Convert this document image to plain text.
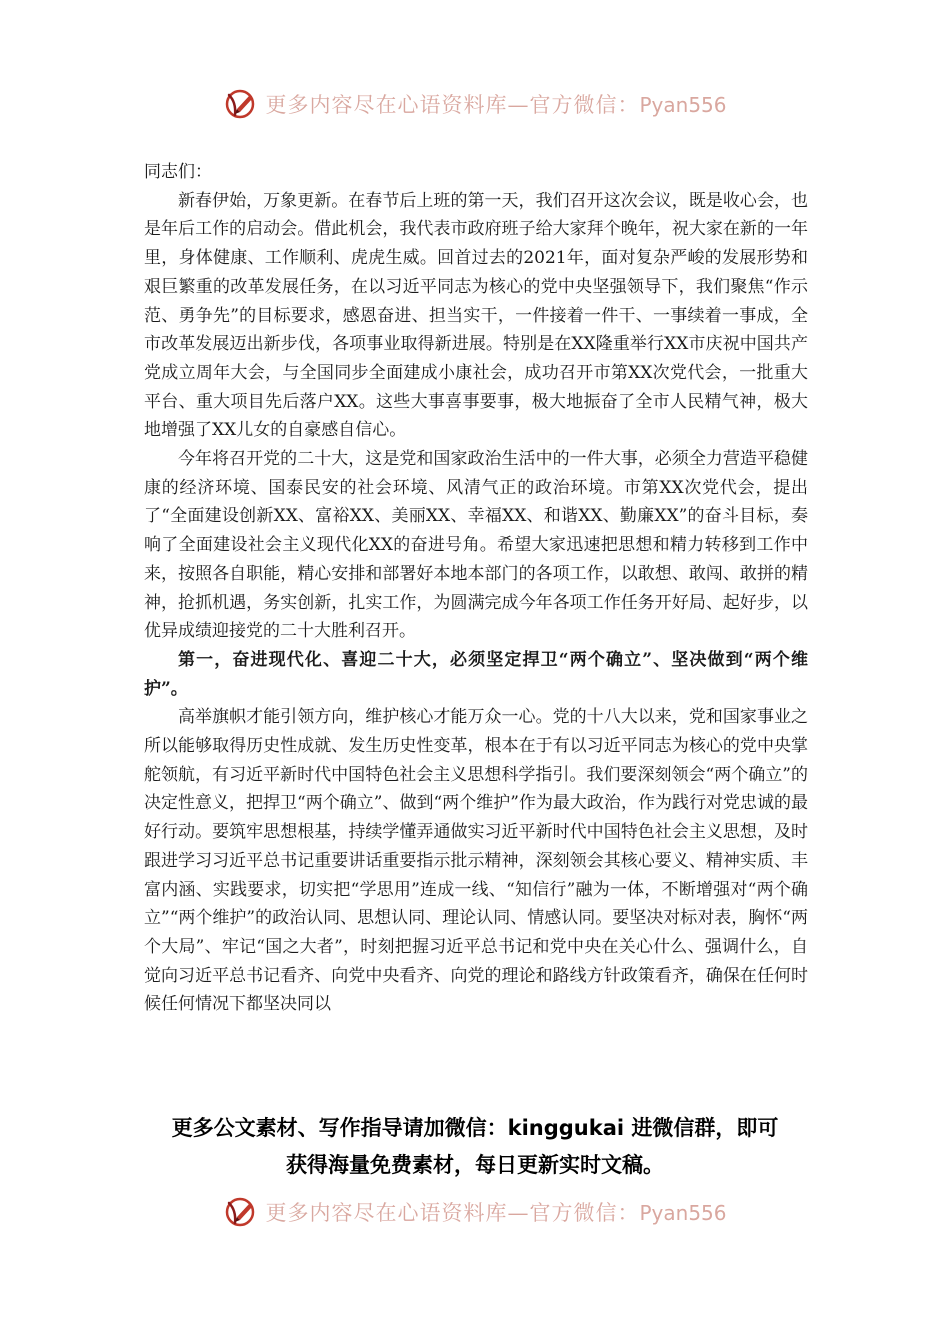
更多内容尽在心语资料库—官方微信：Pyan556

同志们：

新春伊始，万象更新。在春节后上班的第一天，我们召开这次会议，既是收心会，也是年后工作的启动会。借此机会，我代表市政府班子给大家拜个晚年，祝大家在新的一年里，身体健康、工作顺利、虎虎生威。回首过去的2021年，面对复杂严峻的发展形势和艰巨繁重的改革发展任务，在以习近平同志为核心的党中央坚强领导下，我们聚焦“作示范、勇争先”的目标要求，感恩奋进、担当实干，一件接着一件干、一事续着一事成，全市改革发展迈出新步伐，各项事业取得新进展。特别是在XX隆重举行XX市庆祝中国共产党成立周年大会，与全国同步全面建成小康社会，成功召开市第XX次党代会，一批重大平台、重大项目先后落户XX。这些大事喜事要事，极大地振奋了全市人民精气神，极大地增强了XX儿女的自豪感自信心。

今年将召开党的二十大，这是党和国家政治生活中的一件大事，必须全力营造平稳健康的经济环境、国泰民安的社会环境、风清气正的政治环境。市第XX次党代会，提出了“全面建设创新XX、富裕XX、美丽XX、幸福XX、和谐XX、勤廉XX”的奋斗目标，奏响了全面建设社会主义现代化XX的奋进号角。希望大家迅速把思想和精力转移到工作中来，按照各自职能，精心安排和部署好本地本部门的各项工作，以敢想、敢闯、敢拼的精神，抢抓机遇，务实创新，扎实工作，为圆满完成今年各项工作任务开好局、起好步，以优异成绩迎接党的二十大胜利召开。

第一，奋进现代化、喜迎二十大，必须坚定捍卫“两个确立”、坚决做到“两个维护”。

高举旗帜才能引领方向，维护核心才能万众一心。党的十八大以来，党和国家事业之所以能够取得历史性成就、发生历史性变革，根本在于有以习近平同志为核心的党中央掌舵领航，有习近平新时代中国特色社会主义思想科学指引。我们要深刻领会“两个确立”的决定性意义，把捍卫“两个确立”、做到“两个维护”作为最大政治，作为践行对党忠诚的最好行动。要筑牢思想根基，持续学懂弄通做实习近平新时代中国特色社会主义思想，及时跟进学习习近平总书记重要讲话重要指示批示精神，深刻领会其核心要义、精神实质、丰富内涵、实践要求，切实把“学思用”连成一线、“知信行”融为一体，不断增强对“两个确立”“两个维护”的政治认同、思想认同、理论认同、情感认同。要坚决对标对表，胸怀“两个大局”、牢记“国之大者”，时刻把握习近平总书记和党中央在关心什么、强调什么，自觉向习近平总书记看齐、向党中央看齐、向党的理论和路线方针政策看齐，确保在任何时候任何情况下都坚决同以

更多公文素材、写作指导请加微信：kinggukai 进微信群，即可
获得海量免费素材，每日更新实时文稿。
更多内容尽在心语资料库—官方微信：Pyan556
